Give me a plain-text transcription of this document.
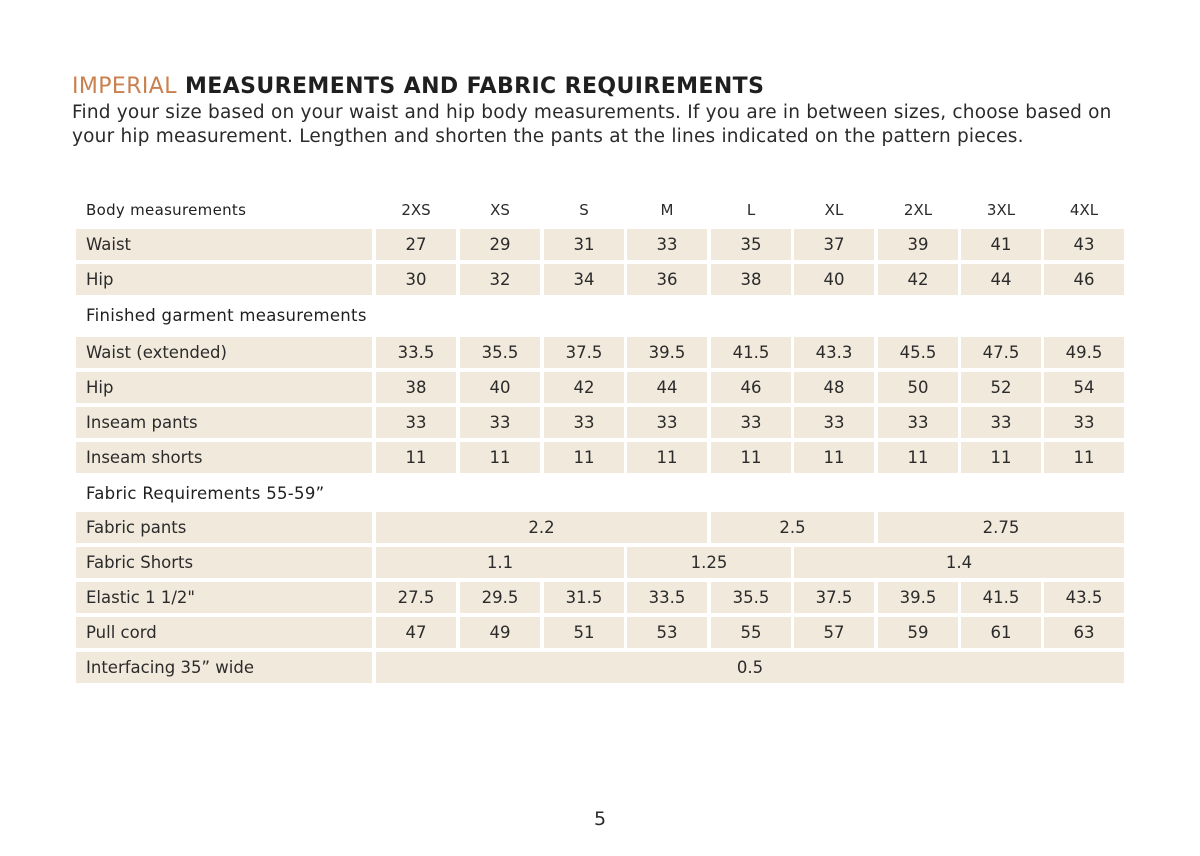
IMPERIAL MEASUREMENTS AND FABRIC REQUIREMENTS

Find your size based on your waist and hip body measurements. If you are in between sizes, choose based on your hip measurement. Lengthen and shorten the pants at the lines indicated on the pattern pieces.

Body measurements	2XS	XS	S	M	L	XL	2XL	3XL	4XL
Waist	27	29	31	33	35	37	39	41	43
Hip	30	32	34	36	38	40	42	44	46
Finished garment measurements
Waist (extended)	33.5	35.5	37.5	39.5	41.5	43.3	45.5	47.5	49.5
Hip	38	40	42	44	46	48	50	52	54
Inseam pants	33	33	33	33	33	33	33	33	33
Inseam shorts	11	11	11	11	11	11	11	11	11
Fabric Requirements 55-59”
Fabric pants	2.2	2.5	2.75
Fabric Shorts	1.1	1.25	1.4
Elastic 1 1/2"	27.5	29.5	31.5	33.5	35.5	37.5	39.5	41.5	43.5
Pull cord	47	49	51	53	55	57	59	61	63
Interfacing 35” wide	0.5
5
